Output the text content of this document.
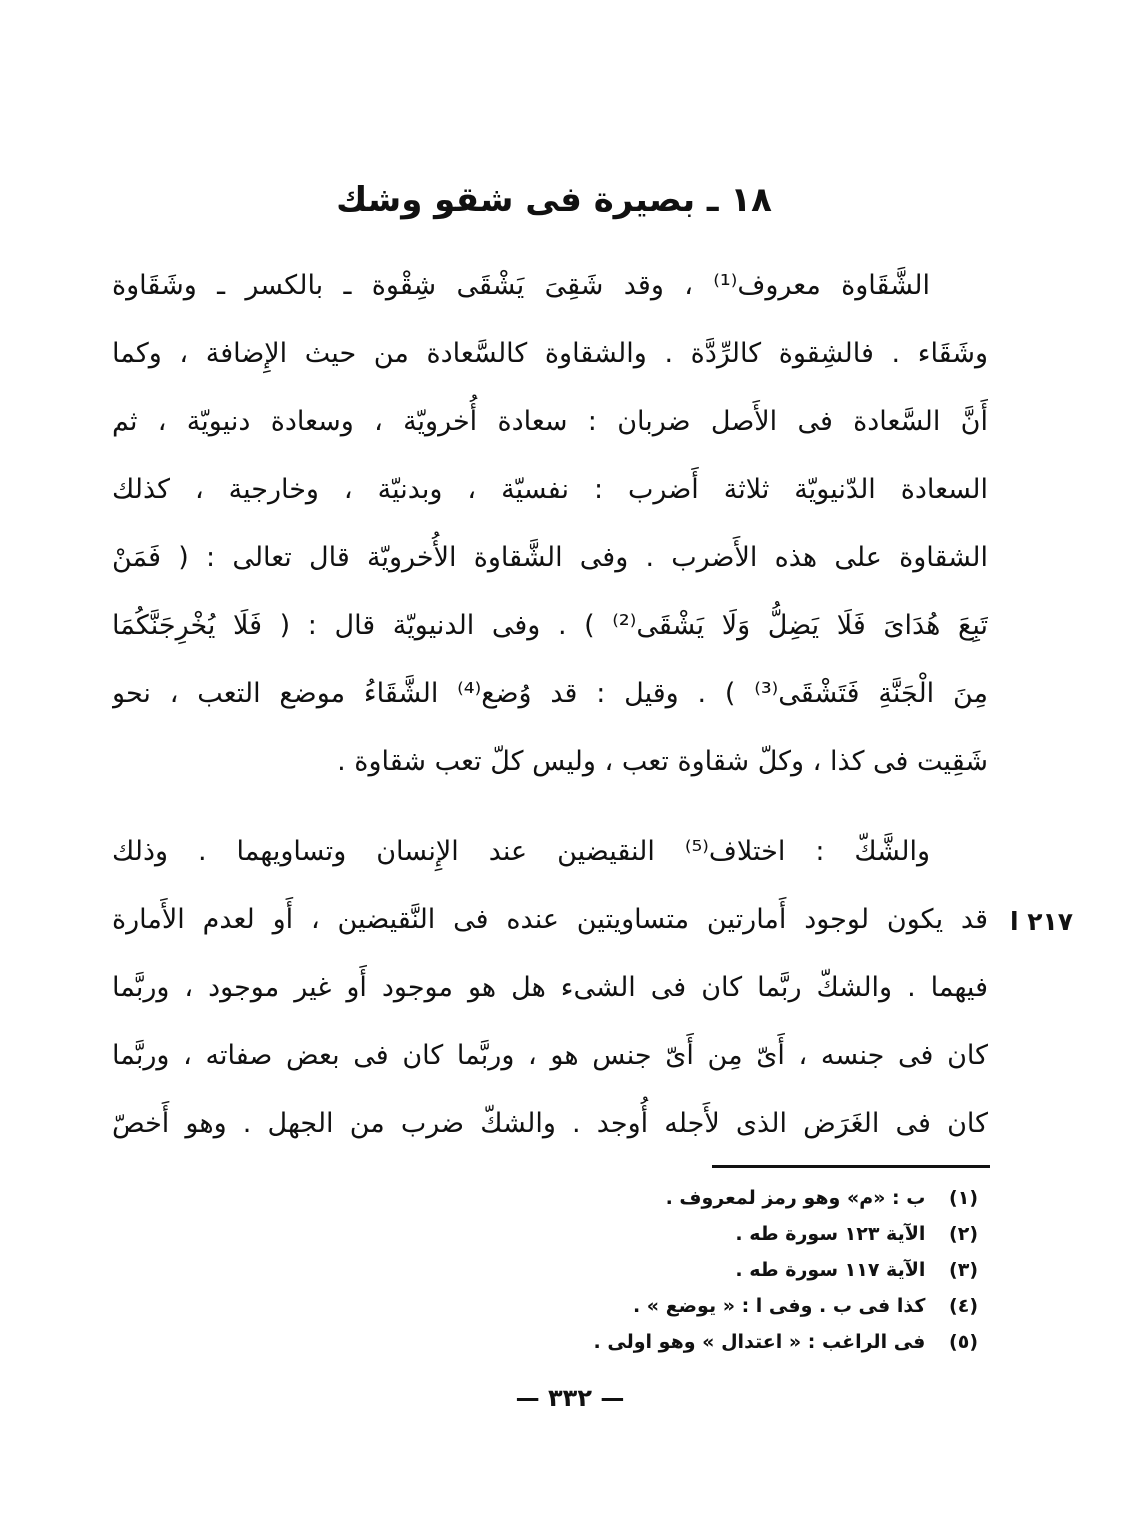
١٨ ـ بصيرة فى شقو وشك
الشَّقَاوة معروف⁽¹⁾ ، وقد شَقِىَ يَشْقَى شِقْوة ـ بالكسر ـ وشَقَاوة
وشَقَاء . فالشِقوة كالرِّدَّة . والشقاوة كالسَّعادة من حيث الإِضافة ، وكما
أَنَّ السَّعادة فى الأَصل ضربان : سعادة أُخرويّة ، وسعادة دنيويّة ، ثم
السعادة الدّنيويّة ثلاثة أَضرب : نفسيّة ، وبدنيّة ، وخارجية ، كذلك
الشقاوة على هذه الأَضرب . وفى الشَّقاوة الأُخرويّة قال تعالى : ( فَمَنْ
تَبِعَ هُدَاىَ فَلَا يَضِلُّ وَلَا يَشْقَى⁽²⁾ ) . وفى الدنيويّة قال : ( فَلَا يُخْرِجَنَّكُمَا
مِنَ الْجَنَّةِ فَتَشْقَى⁽³⁾ ) . وقيل : قد وُضع⁽⁴⁾ الشَّقَاءُ موضع التعب ، نحو
شَقِيت فى كذا ، وكلّ شقاوة تعب ، وليس كلّ تعب شقاوة .
والشَّكّ : اختلاف⁽⁵⁾ النقيضين عند الإِنسان وتساويهما . وذلك
قد يكون لوجود أَمارتين متساويتين عنده فى النَّقيضين ، أَو لعدم الأَمارة
فيهما . والشكّ ربَّما كان فى الشىء هل هو موجود أَو غير موجود ، وربَّما
كان فى جنسه ، أَىّ مِن أَىّ جنس هو ، وربَّما كان فى بعض صفاته ، وربَّما
كان فى الغَرَض الذى لأَجله أُوجد . والشكّ ضرب من الجهل . وهو أَخصّ
٢١٧ ا
(١) ب : «م» وهو رمز لمعروف .
(٢) الآية ١٢٣ سورة طه .
(٣) الآية ١١٧ سورة طه .
(٤) كذا فى ب . وفى ا : « يوضع » .
(٥) فى الراغب : « اعتدال » وهو اولى .
— ٣٣٢ —
